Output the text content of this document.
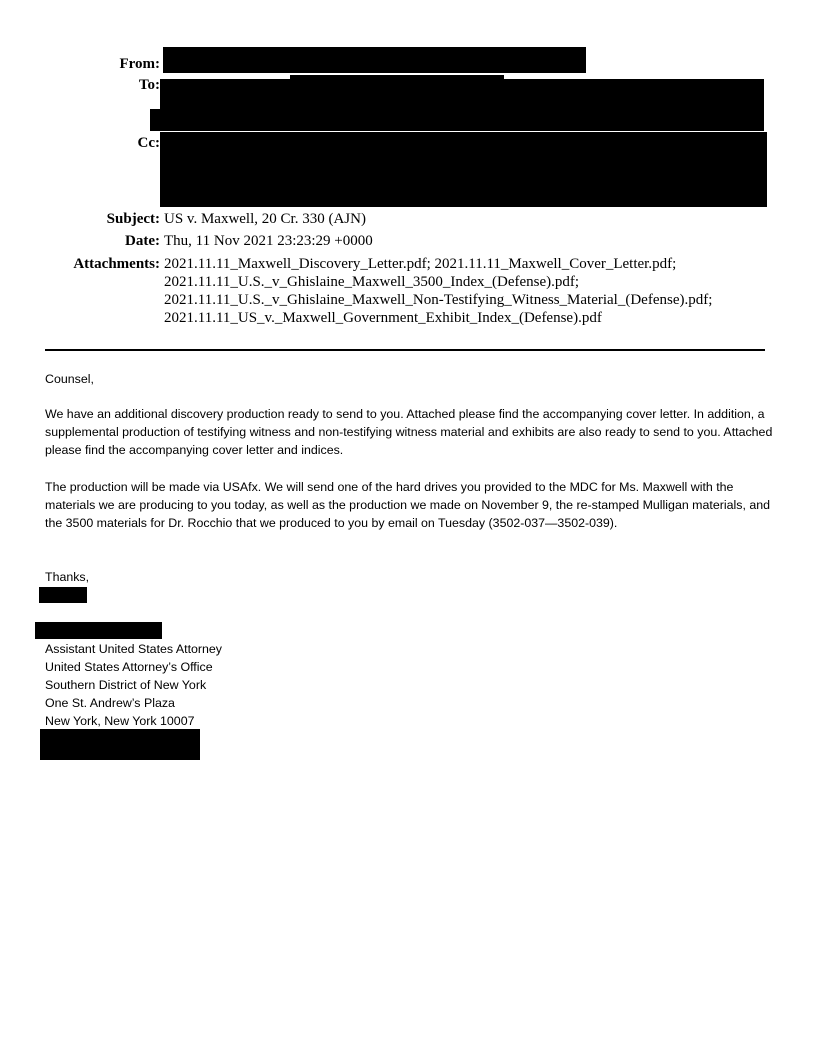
From:
To:
Cc:
Subject: US v. Maxwell, 20 Cr. 330 (AJN)
Date: Thu, 11 Nov 2021 23:23:29 +0000
Attachments: 2021.11.11_Maxwell_Discovery_Letter.pdf; 2021.11.11_Maxwell_Cover_Letter.pdf;
2021.11.11_U.S._v_Ghislaine_Maxwell_3500_Index_(Defense).pdf;
2021.11.11_U.S._v_Ghislaine_Maxwell_Non-Testifying_Witness_Material_(Defense).pdf;
2021.11.11_US_v._Maxwell_Government_Exhibit_Index_(Defense).pdf

Counsel,

We have an additional discovery production ready to send to you. Attached please find the accompanying cover letter. In addition, a supplemental production of testifying witness and non-testifying witness material and exhibits are also ready to send to you. Attached please find the accompanying cover letter and indices.

The production will be made via USAfx. We will send one of the hard drives you provided to the MDC for Ms. Maxwell with the materials we are producing to you today, as well as the production we made on November 9, the re-stamped Mulligan materials, and the 3500 materials for Dr. Rocchio that we produced to you by email on Tuesday (3502-037—3502-039).

Thanks,

Assistant United States Attorney
United States Attorney’s Office
Southern District of New York
One St. Andrew’s Plaza
New York, New York 10007
